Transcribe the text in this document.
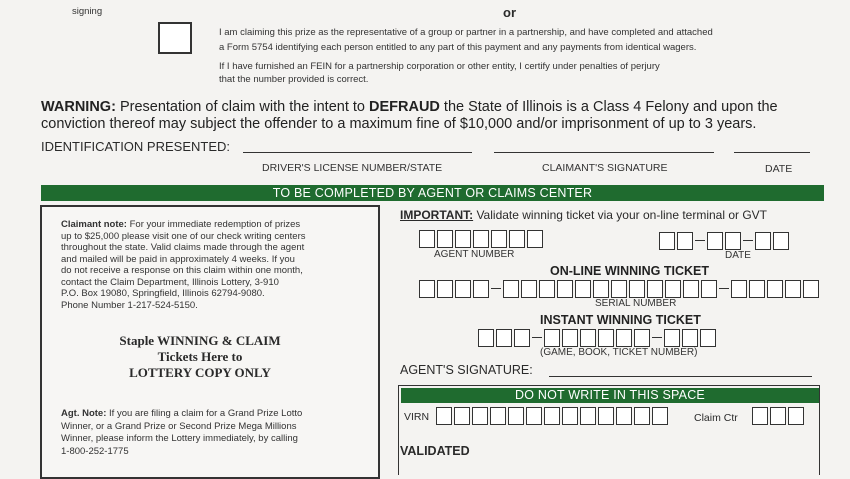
signing	or
I am claiming this prize as the representative of a group or partner in a partnership, and have completed and attached
a Form 5754 identifying each person entitled to any part of this payment and any payments from identical wagers.
If I have furnished an FEIN for a partnership corporation or other entity, I certify under penalties of perjury
that the number provided is correct.
WARNING: Presentation of claim with the intent to DEFRAUD the State of Illinois is a Class 4 Felony and upon the
conviction thereof may subject the offender to a maximum fine of $10,000 and/or imprisonment of up to 3 years.
IDENTIFICATION PRESENTED:
DRIVER'S LICENSE NUMBER/STATE	CLAIMANT'S SIGNATURE	DATE
TO BE COMPLETED BY AGENT OR CLAIMS CENTER
Claimant note: For your immediate redemption of prizes
up to $25,000 please visit one of our check writing centers
throughout the state. Valid claims made through the agent
and mailed will be paid in approximately 4 weeks. If you
do not receive a response on this claim within one month,
contact the Claim Department, Illinois Lottery, 3-910
P.O. Box 19080, Springfield, Illinois 62794-9080.
Phone Number 1-217-524-5150.
Staple WINNING & CLAIM
Tickets Here to
LOTTERY COPY ONLY
Agt. Note: If you are filing a claim for a Grand Prize Lotto
Winner, or a Grand Prize or Second Prize Mega Millions
Winner, please inform the Lottery immediately, by calling
1-800-252-1775
IMPORTANT: Validate winning ticket via your on-line terminal or GVT
AGENT NUMBER	DATE
ON-LINE WINNING TICKET
SERIAL NUMBER
INSTANT WINNING TICKET
(GAME, BOOK, TICKET NUMBER)
AGENT'S SIGNATURE:
DO NOT WRITE IN THIS SPACE
VIRN	Claim Ctr
VALIDATED
